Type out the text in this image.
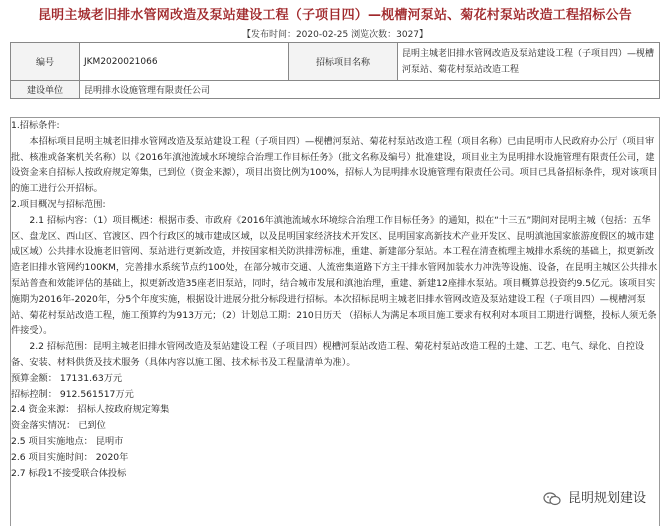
昆明主城老旧排水管网改造及泵站建设工程（子项目四）—枧槽河泵站、菊花村泵站改造工程招标公告
【发布时间：2020-02-25 浏览次数：3027】
编号	JKM2020021066	招标项目名称	昆明主城老旧排水管网改造及泵站建设工程（子项目四）—枧槽河泵站、菊花村泵站改造工程
建设单位	昆明排水设施管理有限责任公司		

1.招标条件:

本招标项目昆明主城老旧排水管网改造及泵站建设工程（子项目四）—枧槽河泵站、菊花村泵站改造工程（项目名称）已由昆明市人民政府办公厅（项目审批、核准或备案机关名称）以《2016年滇池流域水环境综合治理工作目标任务》（批文名称及编号）批准建设，项目业主为昆明排水设施管理有限责任公司，建设资金来自招标人按政府规定筹集，已到位（资金来源），项目出资比例为100%，招标人为昆明排水设施管理有限责任公司。项目已具备招标条件，现对该项目的施工进行公开招标。

2.项目概况与招标范围:

2.1 招标内容：（1）项目概述：根据市委、市政府《2016年滇池流域水环境综合治理工作目标任务》的通知，拟在“十三五”期间对昆明主城（包括：五华区、盘龙区、西山区、官渡区、四个行政区的城市建成区域，以及昆明国家经济技术开发区、昆明国家高新技术产业开发区、昆明滇池国家旅游度假区的城市建成区域）公共排水设施老旧管网、泵站进行更新改造，并按国家相关防洪排涝标准，重建、新建部分泵站。本工程在清查梳理主城排水系统的基础上，拟更新改造老旧排水管网约100KM，完善排水系统节点约100处，在部分城市交通、人流密集道路下方主干排水管网加装水力冲洗等设施、设备，在昆明主城区公共排水泵站普查和效能评估的基础上，拟更新改造35座老旧泵站，同时，结合城市发展和滇池治理，重建、新建12座排水泵站。项目概算总投资约9.5亿元。该项目实施期为2016年-2020年，分5个年度实施，根据设计进展分批分标段进行招标。本次招标昆明主城老旧排水管网改造及泵站建设工程（子项目四）—枧槽河泵站、菊花村泵站改造工程，施工预算约为913万元；（2）计划总工期：210日历天 （招标人为满足本项目施工要求有权利对本项目工期进行调整，投标人须无条件接受）。

2.2 招标范围：昆明主城老旧排水管网改造及泵站建设工程（子项目四）枧槽河泵站改造工程、菊花村泵站改造工程的土建、工艺、电气、绿化、自控设备、安装、材料供货及技术服务（具体内容以施工图、技术标书及工程量清单为准）。

预算金额： 17131.63万元

招标控制： 912.561517万元

2.4 资金来源： 招标人按政府规定筹集

资金落实情况： 已到位

2.5 项目实施地点： 昆明市

2.6 项目实施时间： 2020年

2.7 标段1不接受联合体投标

昆明规划建设
